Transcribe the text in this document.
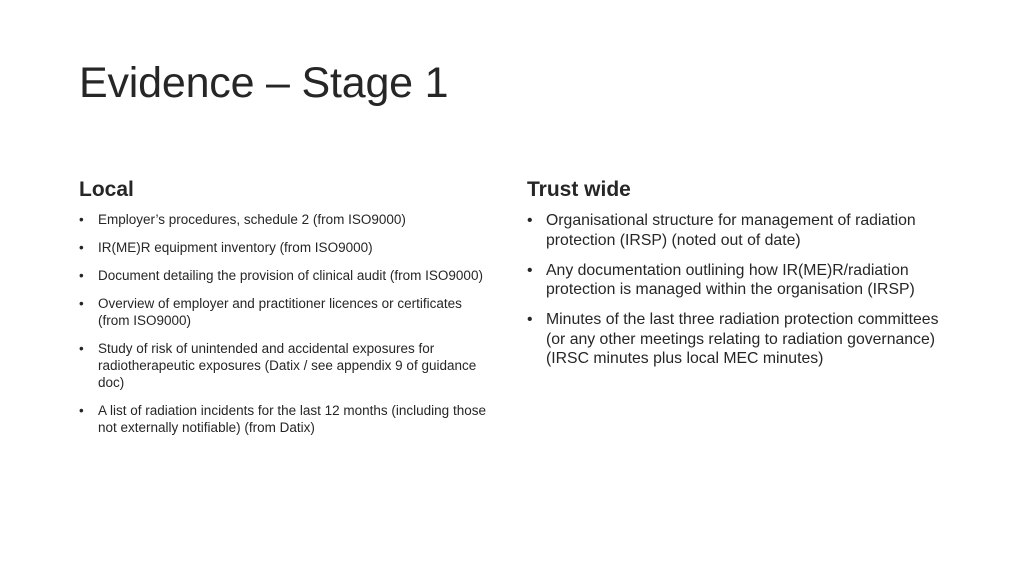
Evidence – Stage 1
Local
• Employer’s procedures, schedule 2 (from ISO9000)
• IR(ME)R equipment inventory (from ISO9000)
• Document detailing the provision of clinical audit (from ISO9000)
• Overview of employer and practitioner licences or certificates (from ISO9000)
• Study of risk of unintended and accidental exposures for radiotherapeutic exposures (Datix / see appendix 9 of guidance doc)
• A list of radiation incidents for the last 12 months (including those not externally notifiable) (from Datix)
Trust wide
• Organisational structure for management of radiation protection (IRSP) (noted out of date)
• Any documentation outlining how IR(ME)R/radiation protection is managed within the organisation (IRSP)
• Minutes of the last three radiation protection committees (or any other meetings relating to radiation governance) (IRSC minutes plus local MEC minutes)
